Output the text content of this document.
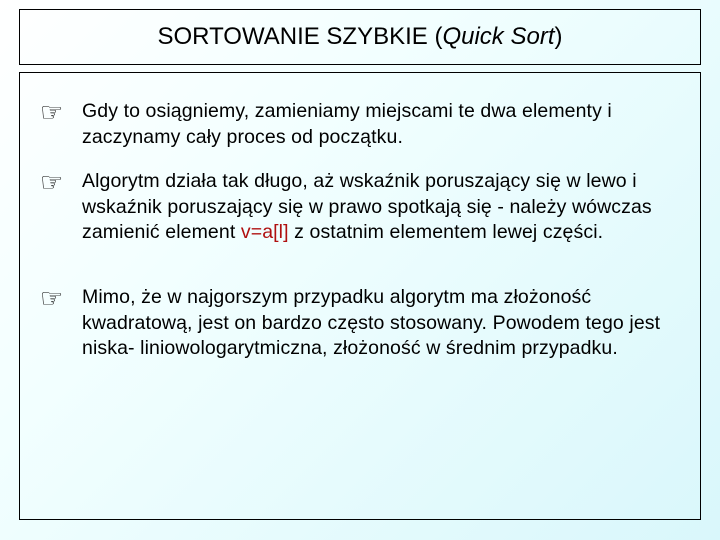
SORTOWANIE SZYBKIE ( Quick Sort )
☞ Gdy to osiągniemy, zamieniamy miejscami te dwa elementy i zaczynamy cały proces od początku.
☞ Algorytm działa tak długo, aż wskaźnik poruszający się w lewo i wskaźnik poruszający się w prawo spotkają się - należy wówczas zamienić element v=a[l] z ostatnim elementem lewej części.
☞ Mimo, że w najgorszym przypadku algorytm ma złożoność kwadratową, jest on bardzo często stosowany. Powodem tego jest niska- liniowologarytmiczna, złożoność w średnim przypadku.
